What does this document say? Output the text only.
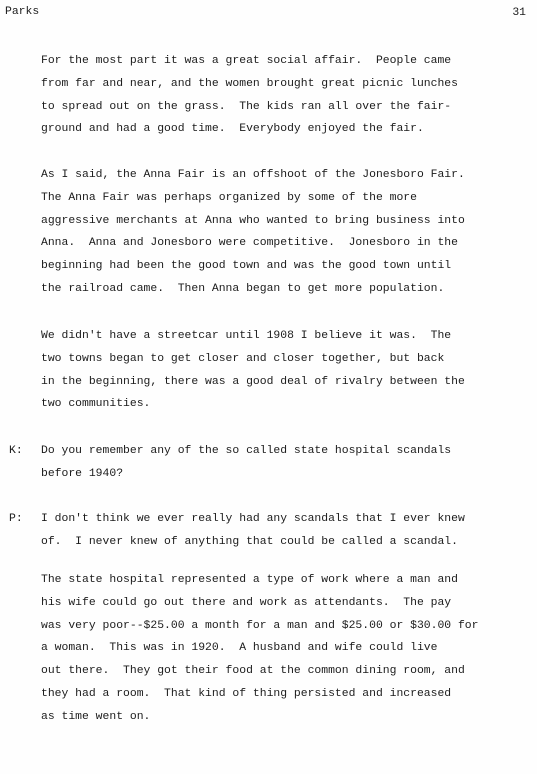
Parks	31
For the most part it was a great social affair.  People came
from far and near, and the women brought great picnic lunches
to spread out on the grass.  The kids ran all over the fair-
ground and had a good time.  Everybody enjoyed the fair.
As I said, the Anna Fair is an offshoot of the Jonesboro Fair.
The Anna Fair was perhaps organized by some of the more
aggressive merchants at Anna who wanted to bring business into
Anna.  Anna and Jonesboro were competitive.  Jonesboro in the
beginning had been the good town and was the good town until
the railroad came.  Then Anna began to get more population.
We didn't have a streetcar until 1908 I believe it was.  The
two towns began to get closer and closer together, but back
in the beginning, there was a good deal of rivalry between the
two communities.
K: Do you remember any of the so called state hospital scandals
before 1940?
P: I don't think we ever really had any scandals that I ever knew
of.  I never knew of anything that could be called a scandal.
The state hospital represented a type of work where a man and
his wife could go out there and work as attendants.  The pay
was very poor--$25.00 a month for a man and $25.00 or $30.00 for
a woman.  This was in 1920.  A husband and wife could live
out there.  They got their food at the common dining room, and
they had a room.  That kind of thing persisted and increased
as time went on.
